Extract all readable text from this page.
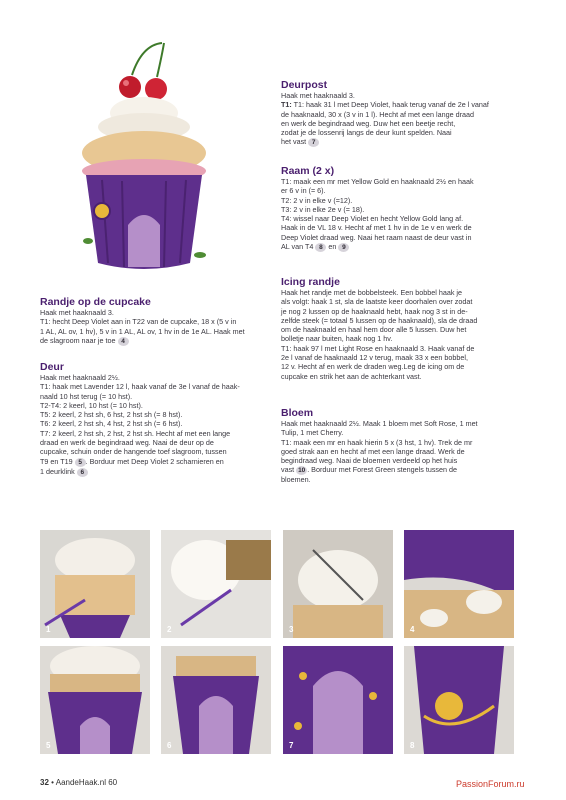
Deurpost
Haak met haaknaald 3.
T1: T1: haak 31 l met Deep Violet, haak terug vanaf de 2e l vanaf
de haaknaald, 30 x (3 v in 1 l). Hecht af met een lange draad
en werk de begindraad weg. Duw het een beetje recht,
zodat je de lossenrij langs de deur kunt spelden. Naai
het vast 7
Raam (2 x)
T1: maak een mr met Yellow Gold en haaknaald 2½ en haak
er 6 v in (= 6).
T2: 2 v in elke v (=12).
T3: 2 v in elke 2e v (= 18).
T4: wissel naar Deep Violet en hecht Yellow Gold lang af.
Haak in de VL 18 v. Hecht af met 1 hv in de 1e v en werk de
Deep Violet draad weg. Naai het raam naast de deur vast in
AL van T4 8 en 9
Icing randje
Haak het randje met de bobbelsteek. Een bobbel haak je
als volgt: haak 1 st, sla de laatste keer doorhalen over zodat
je nog 2 lussen op de haaknaald hebt, haak nog 3 st in de-
zelfde steek (= totaal 5 lussen op de haaknaald), sla de draad
om de haaknaald en haal hem door alle 5 lussen. Duw het
bolletje naar buiten, haak nog 1 hv.
T1: haak 97 l met Light Rose en haaknaald 3. Haak vanaf de
2e l vanaf de haaknaald 12 v terug, maak 33 x een bobbel,
12 v. Hecht af en werk de draden weg.Leg de icing om de
cupcake en strik het aan de achterkant vast.
Bloem
Haak met haaknaald 2½. Maak 1 bloem met Soft Rose, 1 met
Tulip, 1 met Cherry.
T1: maak een mr en haak hierin 5 x (3 hst, 1 hv). Trek de mr
goed strak aan en hecht af met een lange draad. Werk de
begindraad weg. Naai de bloemen verdeeld op het huis
vast 10 . Borduur met Forest Green stengels tussen de
bloemen.
Randje op de cupcake
Haak met haaknaald 3.
T1: hecht Deep Violet aan in T22 van de cupcake, 18 x (5 v in
1 AL, AL ov, 1 hv), 5 v in 1 AL, AL ov, 1 hv in de 1e AL. Haak met
de slagroom naar je toe 4
Deur
Haak met haaknaald 2½.
T1: haak met Lavender 12 l, haak vanaf de 3e l vanaf de haak-
naald 10 hst terug (= 10 hst).
T2-T4: 2 keerl, 10 hst (= 10 hst).
T5: 2 keerl, 2 hst sh, 6 hst, 2 hst sh (= 8 hst).
T6: 2 keerl, 2 hst sh, 4 hst, 2 hst sh (= 6 hst).
T7: 2 keerl, 2 hst sh, 2 hst, 2 hst sh. Hecht af met een lange
draad en werk de begindraad weg. Naai de deur op de
cupcake, schuin onder de hangende toef slagroom, tussen
T9 en T19 5 . Borduur met Deep Violet 2 scharnieren en
1 deurklink 6
1	2	3	4
5	6	7	8
32 • AandeHaak.nl 60	PassionForum.ru
